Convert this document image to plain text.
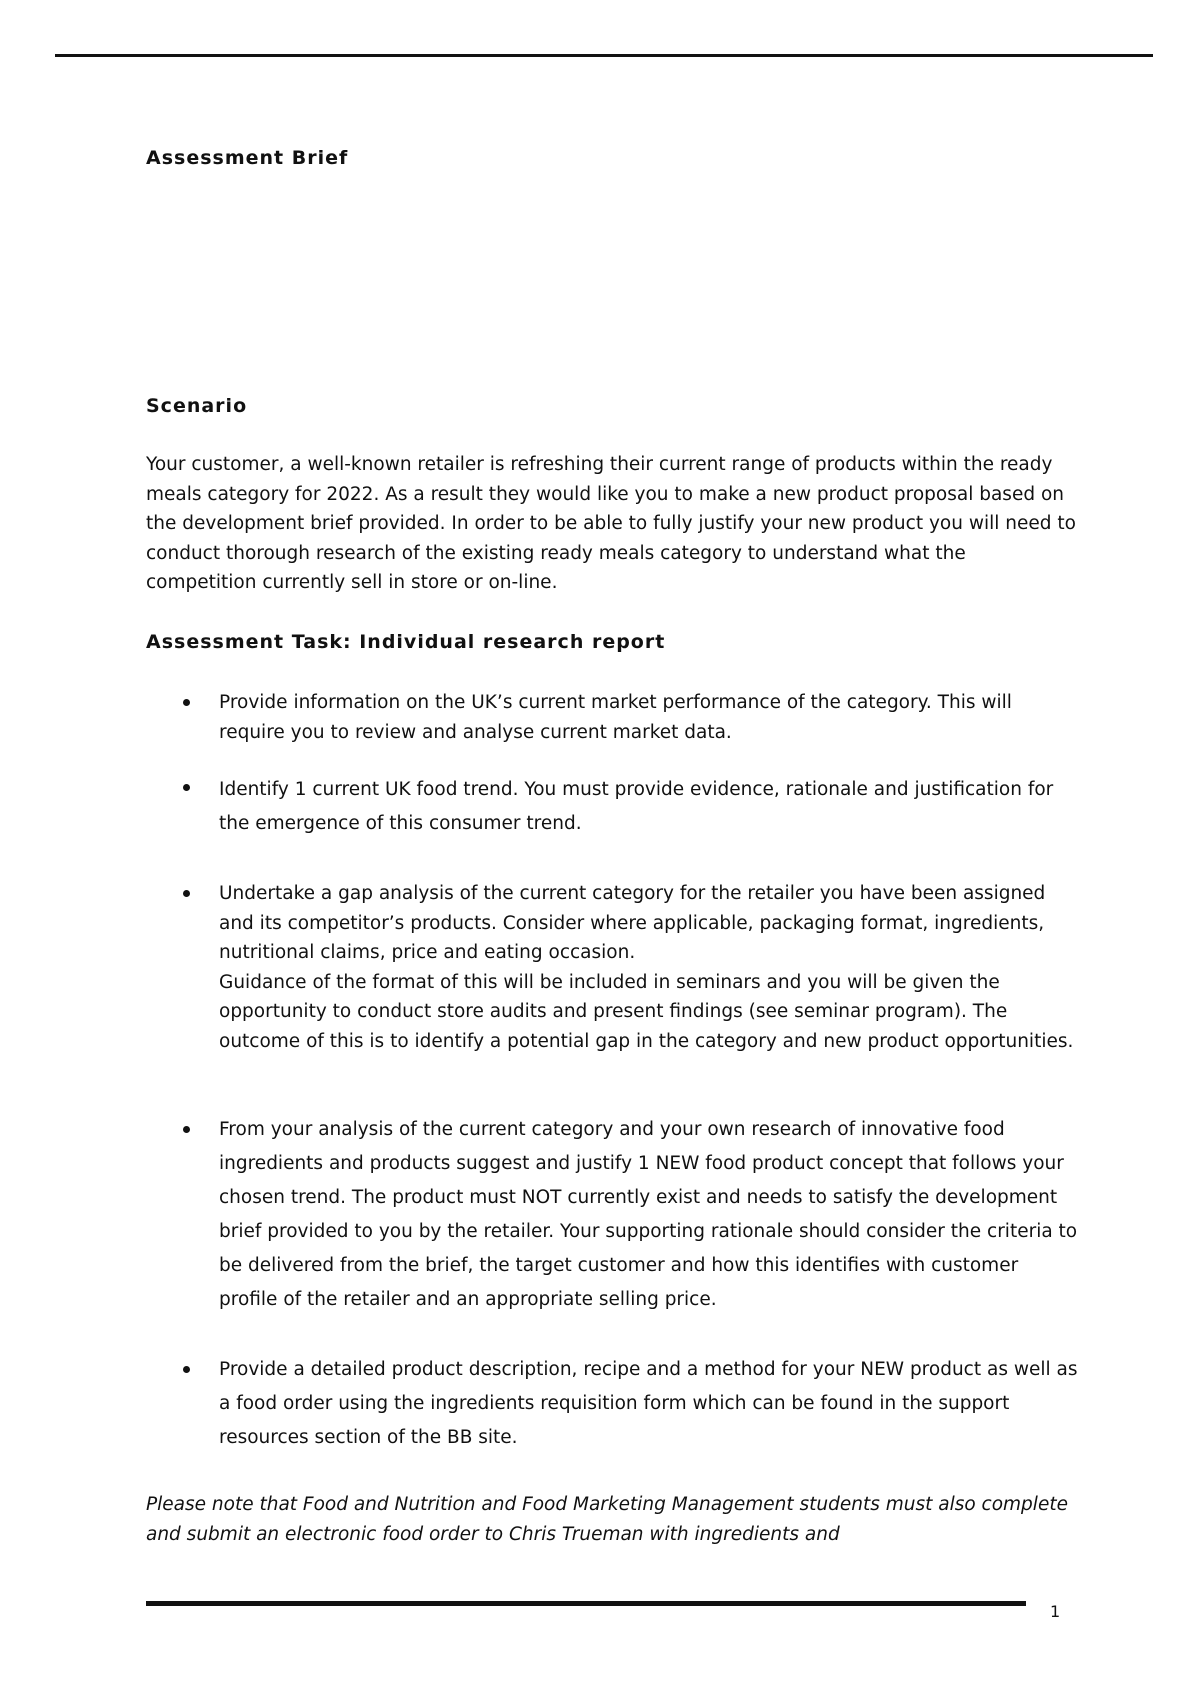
Assessment Brief
Scenario

Your customer, a well-known retailer is refreshing their current range of products within the ready meals category for 2022. As a result they would like you to make a new product proposal based on the development brief provided. In order to be able to fully justify your new product you will need to conduct thorough research of the existing ready meals category to understand what the competition currently sell in store or on-line.

Assessment Task: Individual research report

Provide information on the UK’s current market performance of the category. This will require you to review and analyse current market data.

Identify 1 current UK food trend. You must provide evidence, rationale and justification for the emergence of this consumer trend.

Undertake a gap analysis of the current category for the retailer you have been assigned and its competitor’s products. Consider where applicable, packaging format, ingredients, nutritional claims, price and eating occasion.
Guidance of the format of this will be included in seminars and you will be given the opportunity to conduct store audits and present findings (see seminar program). The outcome of this is to identify a potential gap in the category and new product opportunities.

From your analysis of the current category and your own research of innovative food ingredients and products suggest and justify 1 NEW food product concept that follows your chosen trend. The product must NOT currently exist and needs to satisfy the development brief provided to you by the retailer. Your supporting rationale should consider the criteria to be delivered from the brief, the target customer and how this identifies with customer profile of the retailer and an appropriate selling price.

Provide a detailed product description, recipe and a method for your NEW product as well as a food order using the ingredients requisition form which can be found in the support resources section of the BB site.

Please note that Food and Nutrition and Food Marketing Management students must also complete and submit an electronic food order to Chris Trueman with ingredients and

1
